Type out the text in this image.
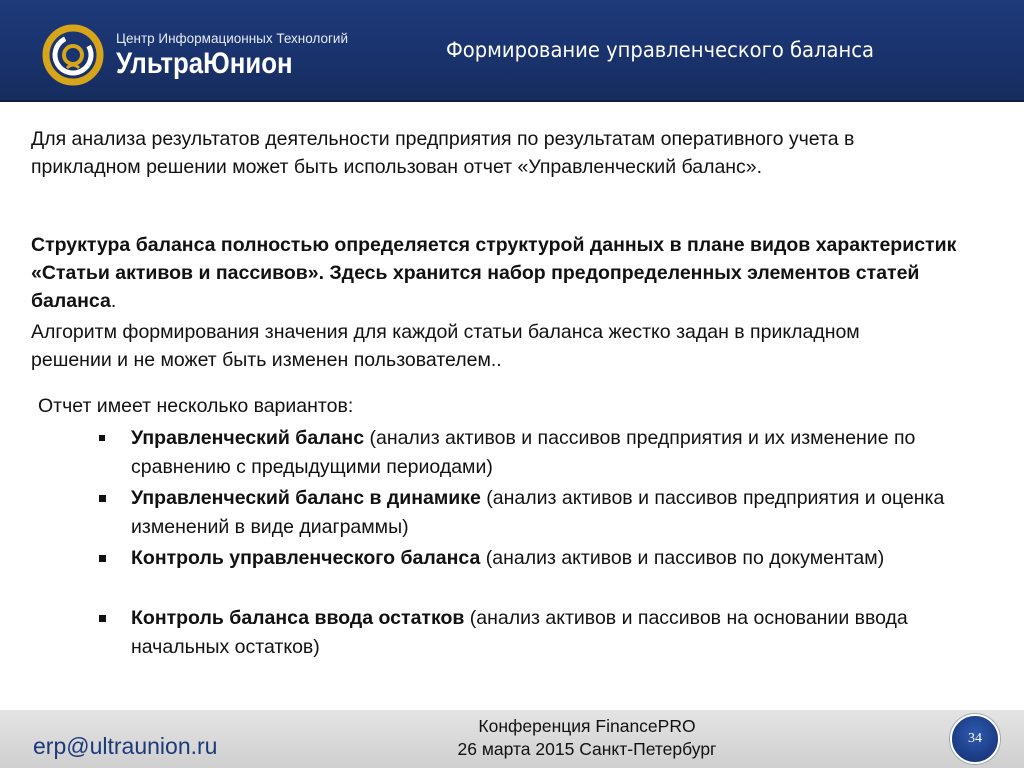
Центр Информационных Технологий
УльтраЮнион	Формирование управленческого баланса

Для анализа результатов деятельности предприятия по результатам оперативного учета в прикладном решении может быть использован отчет «Управленческий баланс».

Структура баланса полностью определяется структурой данных в плане видов характеристик «Статьи активов и пассивов». Здесь хранится набор предопределенных элементов статей баланса.

Алгоритм формирования значения для каждой статьи баланса жестко задан в прикладном решении и не может быть изменен пользователем..

Отчет имеет несколько вариантов:

Управленческий баланс (анализ активов и пассивов предприятия и их изменение по сравнению с предыдущими периодами)
Управленческий баланс в динамике (анализ активов и пассивов предприятия и оценка изменений в виде диаграммы)
Контроль управленческого баланса (анализ активов и пассивов по документам)
Контроль баланса ввода остатков (анализ активов и пассивов на основании ввода начальных остатков)
erp@ultraunion.ru
Конференция FinancePRO
26 марта 2015 Санкт-Петербург
34
